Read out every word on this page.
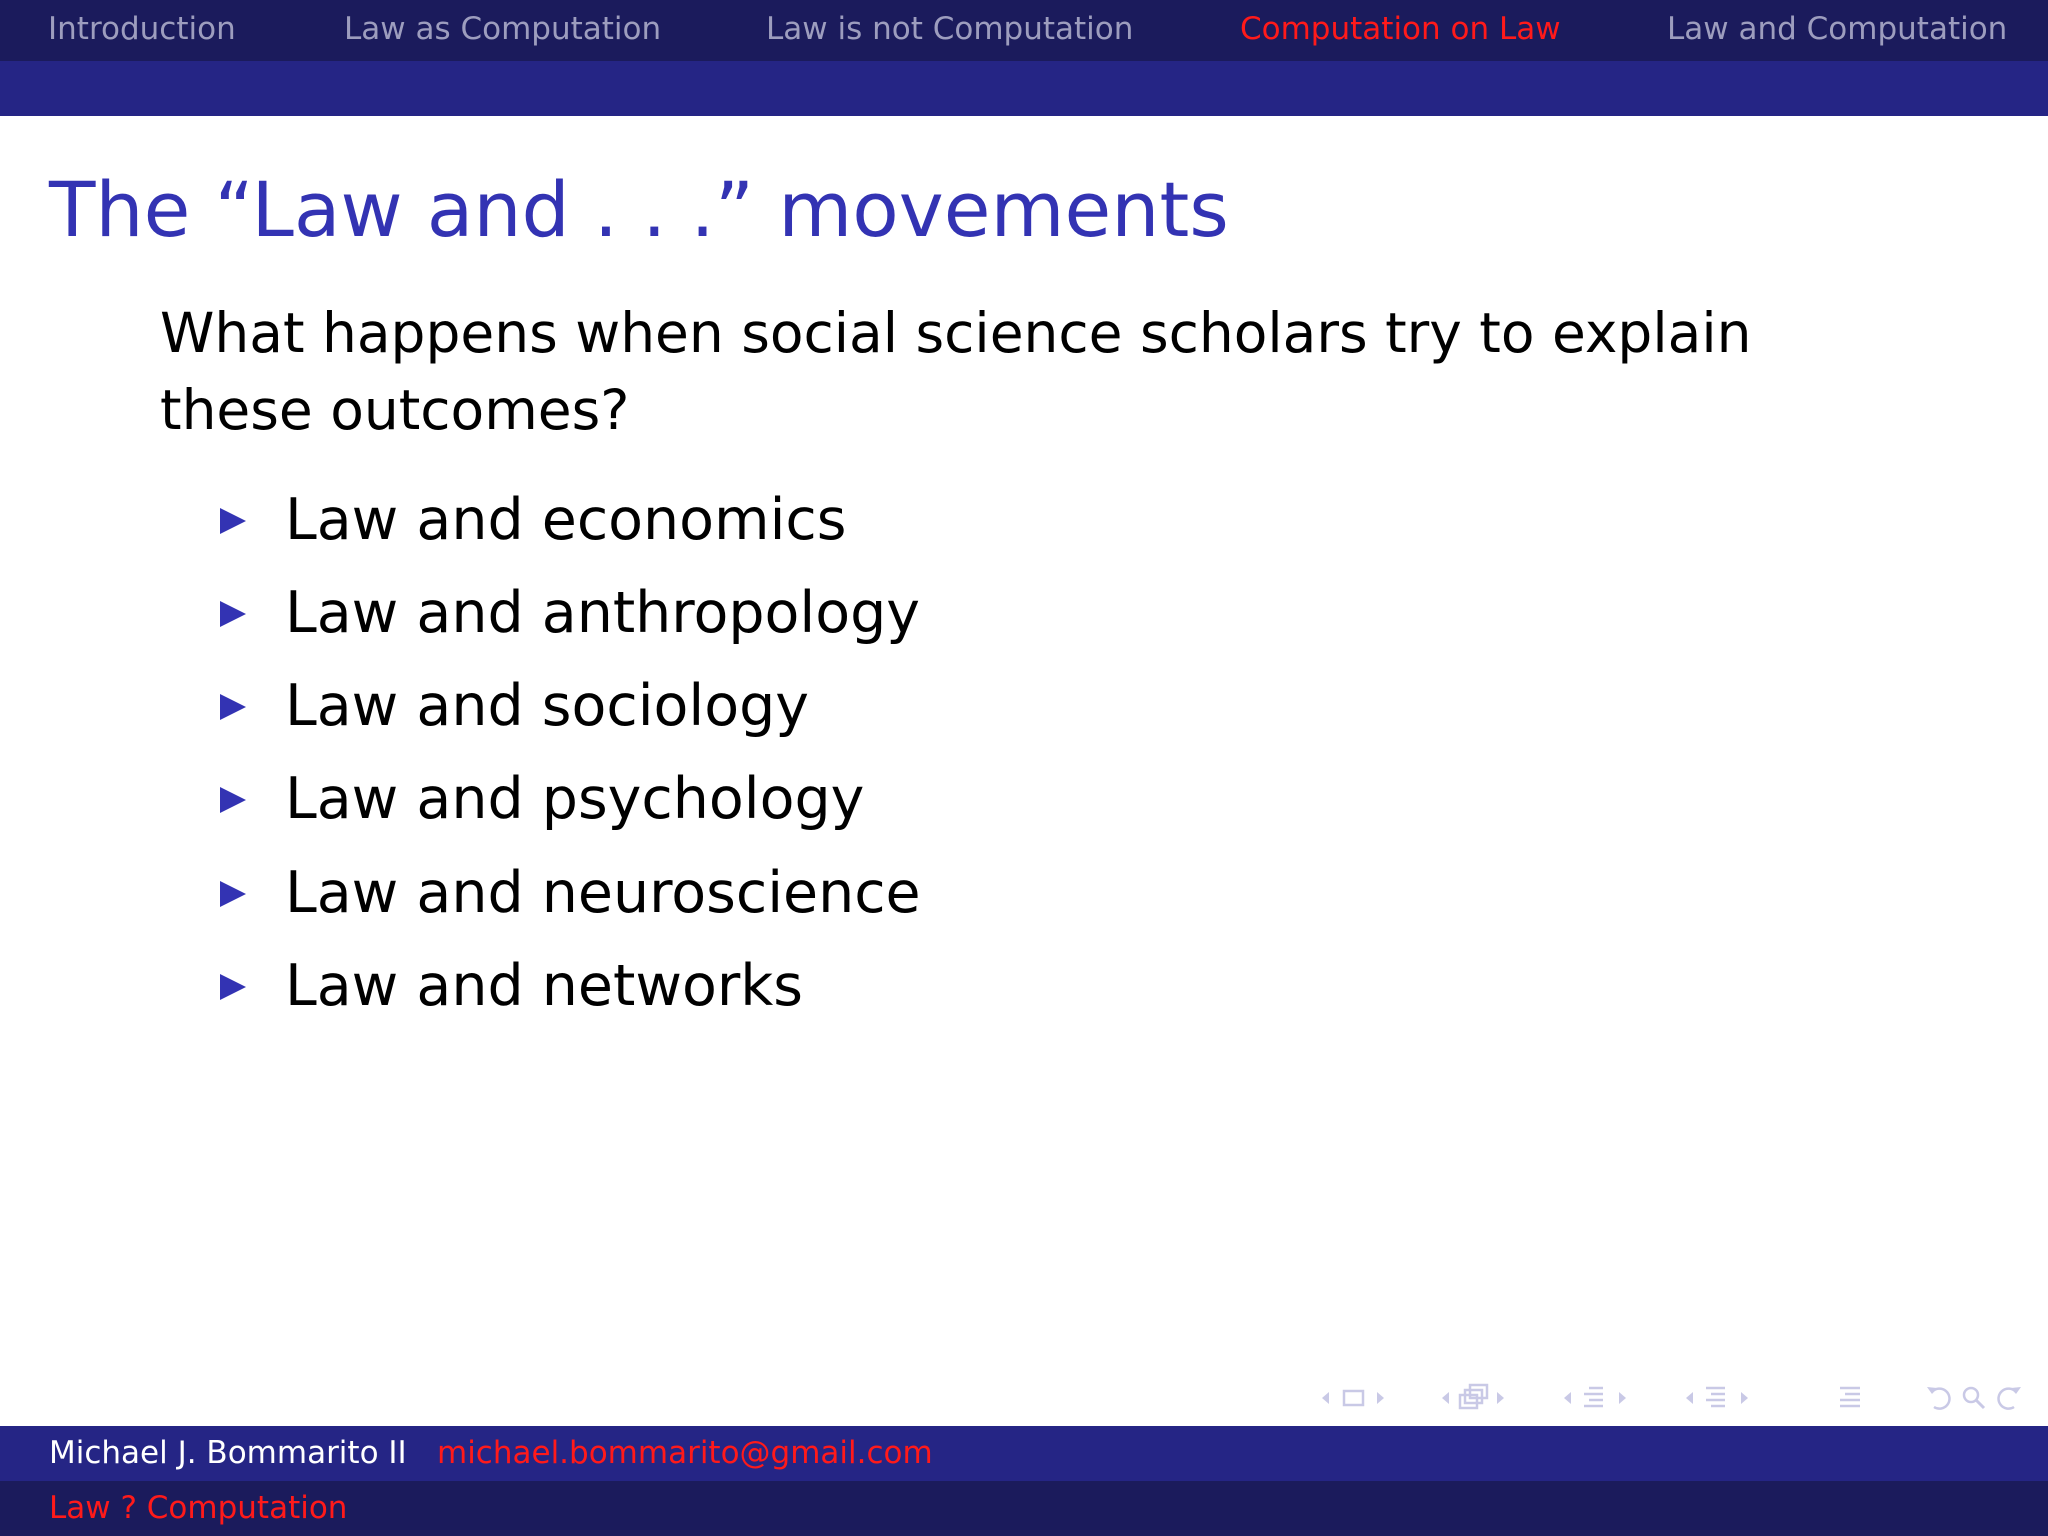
Introduction	Law as Computation	Law is not Computation	Computation on Law	Law and Computation
The “Law and . . .” movements
What happens when social science scholars try to explain these outcomes?
Law and economics
Law and anthropology
Law and sociology
Law and psychology
Law and neuroscience
Law and networks
Michael J. Bommarito II michael.bommarito@gmail.com
Law ? Computation
